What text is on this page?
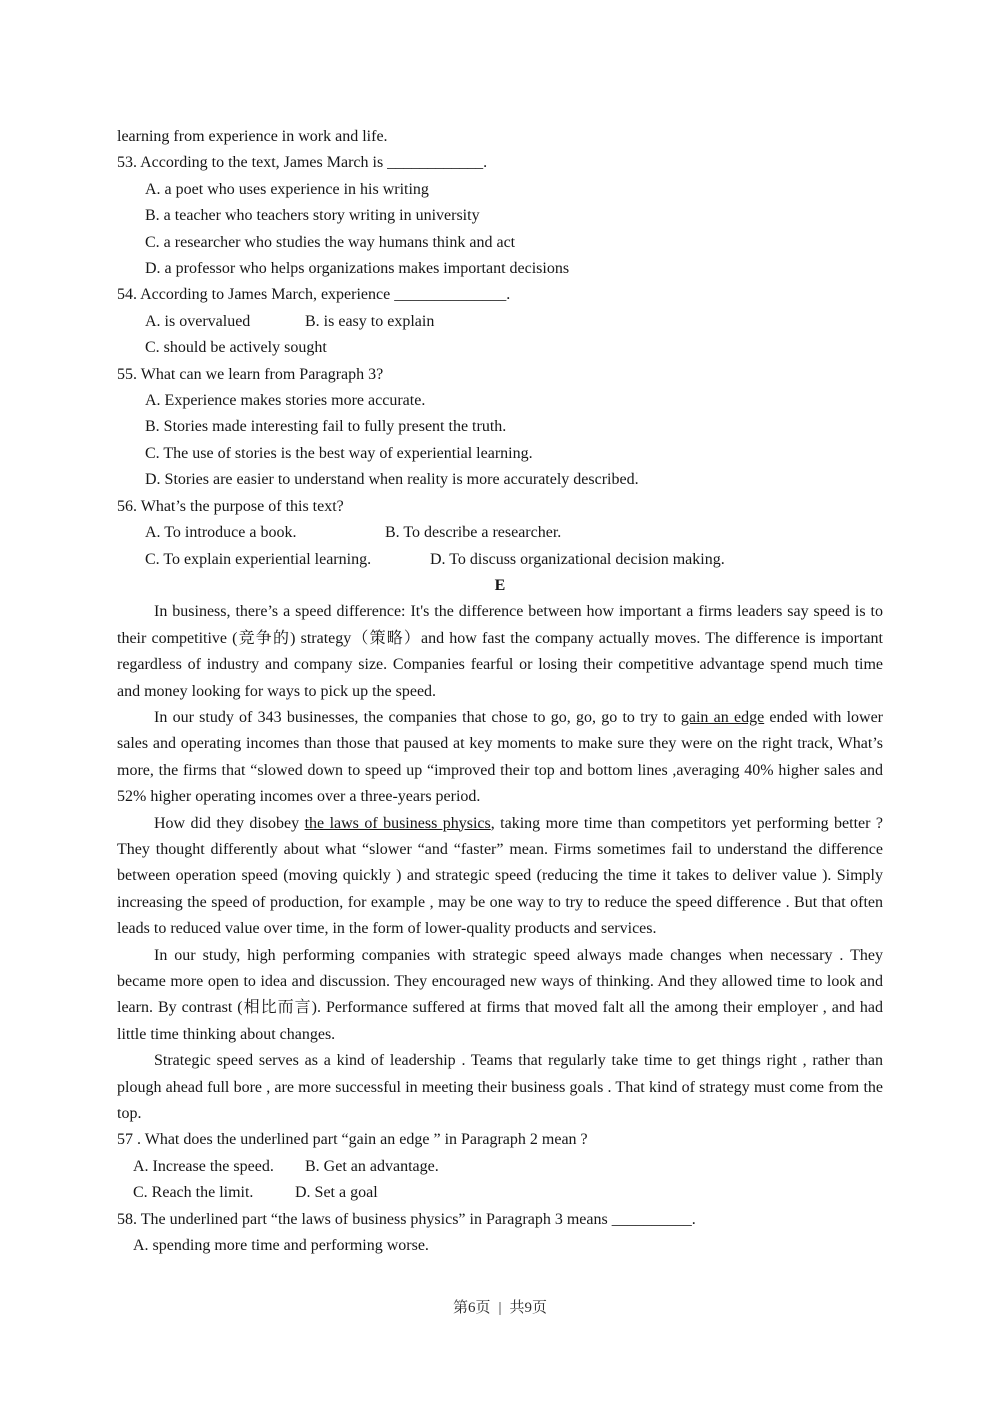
learning from experience in work and life.
53. According to the text, James March is ____________.
A. a poet who uses experience in his writing
B. a teacher who teachers story writing in university
C. a researcher who studies the way humans think and act
D. a professor who helps organizations makes important decisions
54. According to James March, experience ______________.
A. is overvalued	B. is easy to explain
C. should be actively sought
55. What can we learn from Paragraph 3?
A. Experience makes stories more accurate.
B. Stories made interesting fail to fully present the truth.
C. The use of stories is the best way of experiential learning.
D. Stories are easier to understand when reality is more accurately described.
56. What’s the purpose of this text?
A. To introduce a book.	B. To describe a researcher.
C. To explain experiential learning.	D. To discuss organizational decision making.
E

In business, there’s a speed difference: It's the difference between how important a firms leaders say speed is to their competitive (竞争的) strategy（策略）and how fast the company actually moves. The difference is important regardless of industry and company size. Companies fearful or losing their competitive advantage spend much time and money looking for ways to pick up the speed.

In our study of 343 businesses, the companies that chose to go, go, go to try to gain an edge ended with lower sales and operating incomes than those that paused at key moments to make sure they were on the right track, What’s more, the firms that “slowed down to speed up “improved their top and bottom lines ,averaging 40% higher sales and 52% higher operating incomes over a three-years period.

How did they disobey the laws of business physics, taking more time than competitors yet performing better ? They thought differently about what “slower “and “faster” mean. Firms sometimes fail to understand the difference between operation speed (moving quickly ) and strategic speed (reducing the time it takes to deliver value ). Simply increasing the speed of production, for example , may be one way to try to reduce the speed difference . But that often leads to reduced value over time, in the form of lower-quality products and services.

In our study, high performing companies with strategic speed always made changes when necessary . They became more open to idea and discussion. They encouraged new ways of thinking. And they allowed time to look and learn. By contrast (相比而言). Performance suffered at firms that moved falt all the among their employer , and had little time thinking about changes.

Strategic speed serves as a kind of leadership . Teams that regularly take time to get things right , rather than plough ahead full bore , are more successful in meeting their business goals . That kind of strategy must come from the top.

57 . What does the underlined part “gain an edge ” in Paragraph 2 mean ?
A. Increase the speed.	B. Get an advantage.
C. Reach the limit.	D. Set a goal
58. The underlined part “the laws of business physics” in Paragraph 3 means __________.
A. spending more time and performing worse.
第6页 | 共9页
